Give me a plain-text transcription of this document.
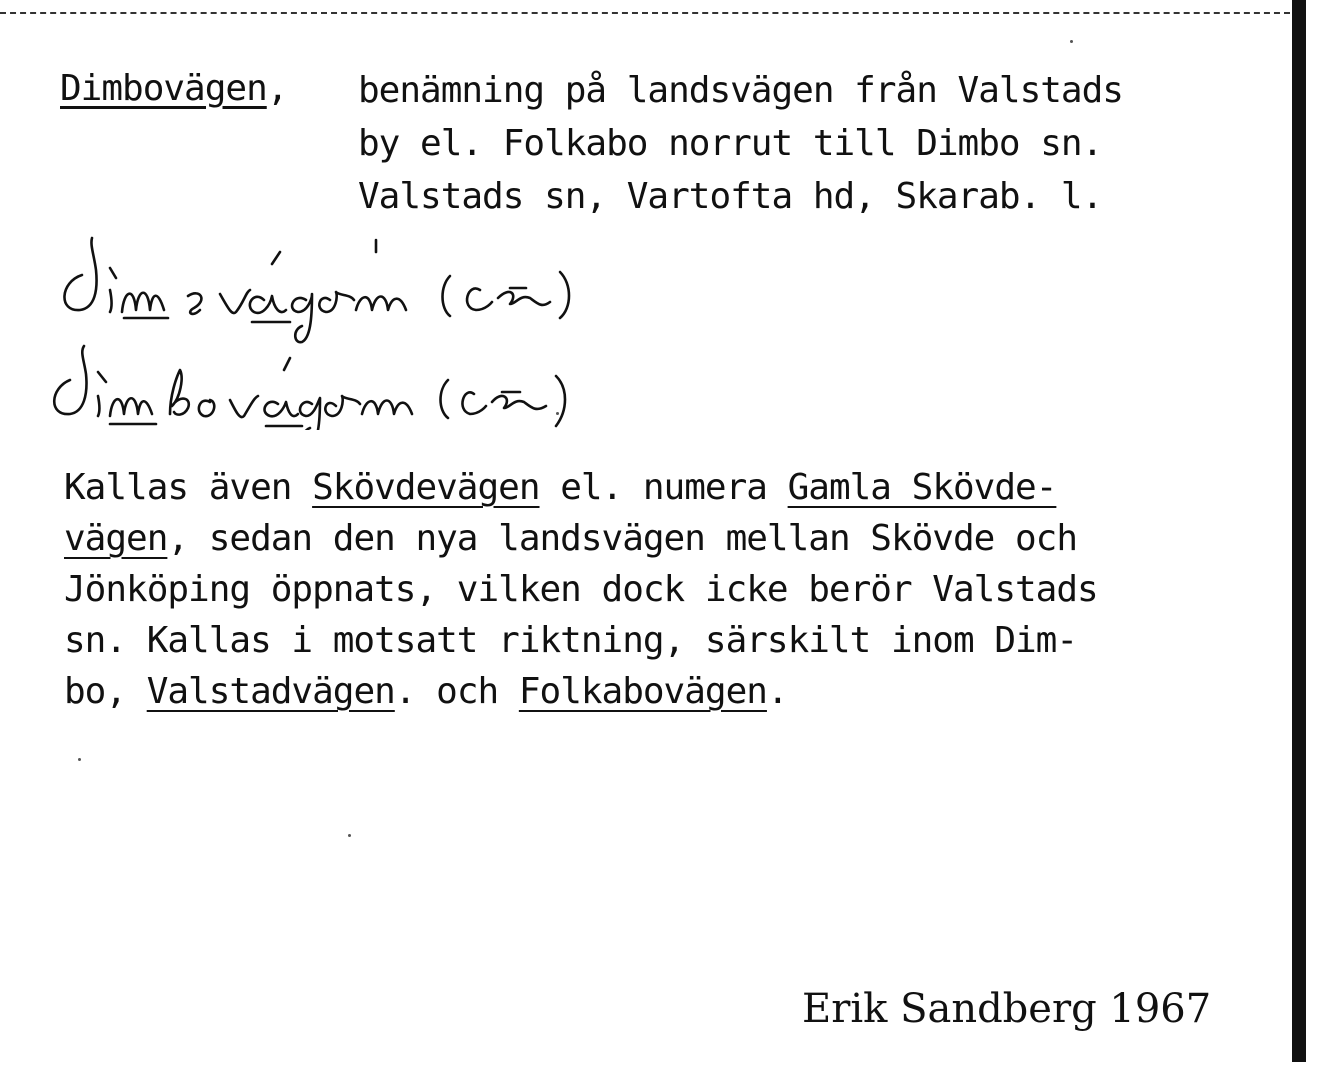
Dimbovägen, benämning på landsvägen från Valstads
by el. Folkabo norrut till Dimbo sn.
Valstads sn, Vartofta hd, Skarab. l.
Kallas även Skövdevägen el. numera Gamla Skövde-
vägen, sedan den nya landsvägen mellan Skövde och
Jönköping öppnats, vilken dock icke berör Valstads
sn. Kallas i motsatt riktning, särskilt inom Dim-
bo, Valstadvägen. och Folkabovägen.
Erik Sandberg 1967
